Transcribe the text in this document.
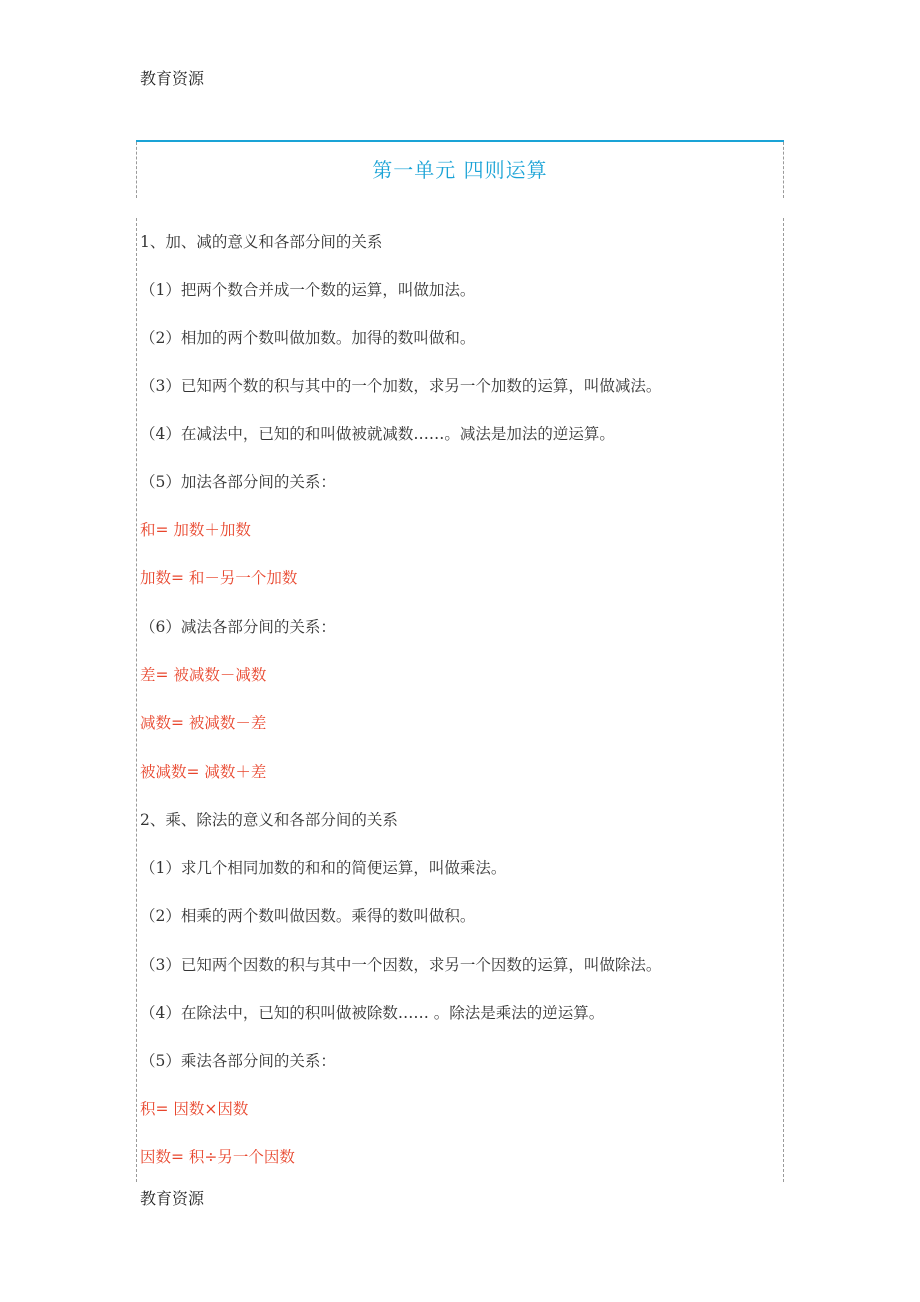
教育资源
第一单元 四则运算
1、加、减的意义和各部分间的关系
（1）把两个数合并成一个数的运算，叫做加法。
（2）相加的两个数叫做加数。加得的数叫做和。
（3）已知两个数的积与其中的一个加数，求另一个加数的运算，叫做减法。
（4）在减法中，已知的和叫做被就减数……。减法是加法的逆运算。
（5）加法各部分间的关系：
和= 加数＋加数
加数= 和－另一个加数
（6）减法各部分间的关系：
差= 被减数－减数
减数= 被减数－差
被减数= 减数＋差
2、乘、除法的意义和各部分间的关系
（1）求几个相同加数的和和的简便运算，叫做乘法。
（2）相乘的两个数叫做因数。乘得的数叫做积。
（3）已知两个因数的积与其中一个因数，求另一个因数的运算，叫做除法。
（4）在除法中，已知的积叫做被除数…… 。除法是乘法的逆运算。
（5）乘法各部分间的关系：
积= 因数×因数
因数= 积÷另一个因数
教育资源
